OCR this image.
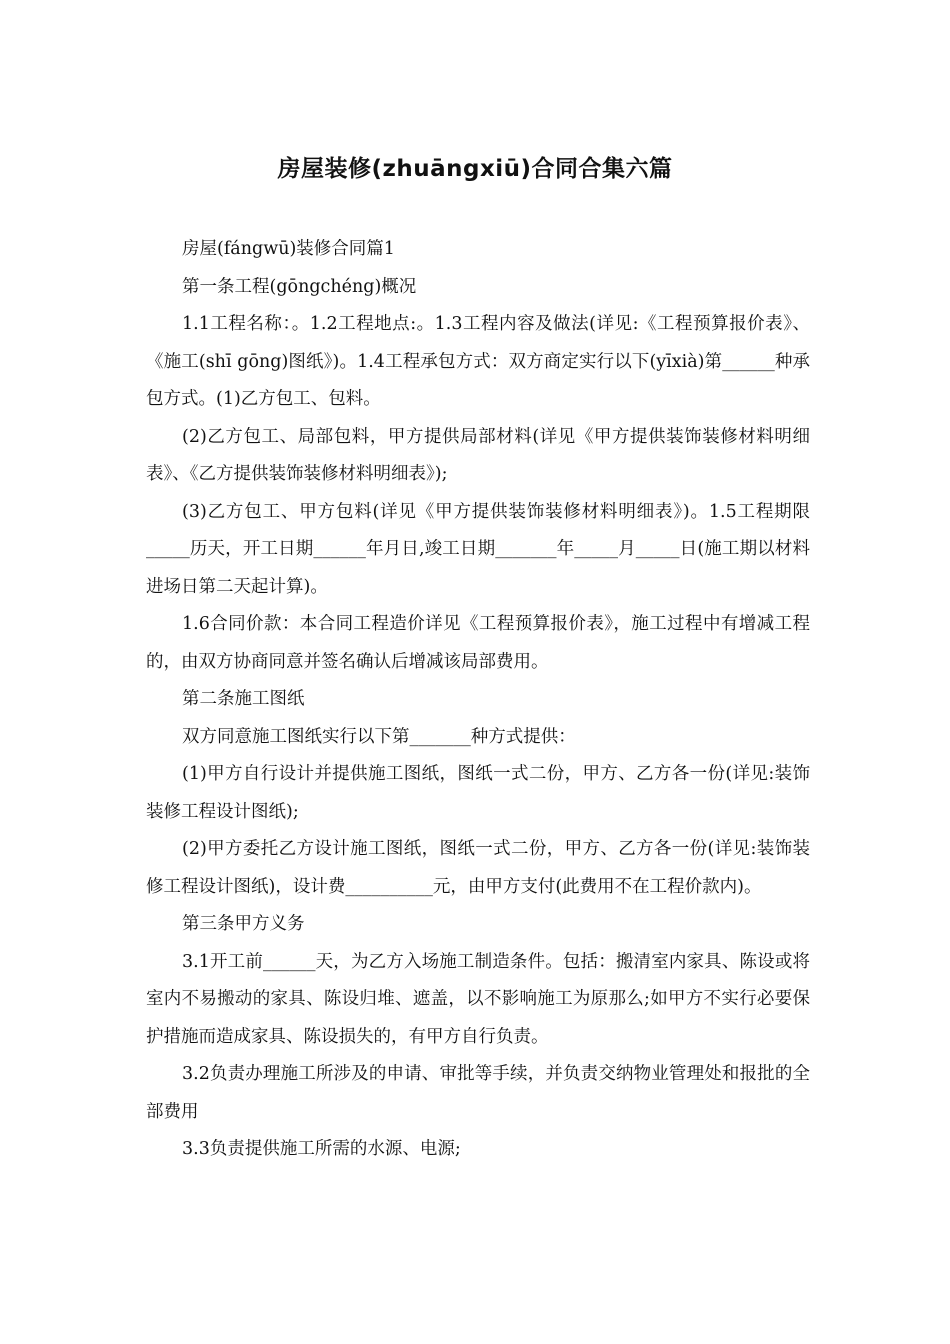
房屋装修(zhuāngxiū)合同合集六篇

房屋(fángwū)装修合同篇1

第一条工程(gōngchéng)概况

1.1工程名称：。1.2工程地点:。1.3工程内容及做法(详见:《工程预算报价表》、《施工(shī gōng)图纸》)。1.4工程承包方式：双方商定实行以下(yīxià)第______种承包方式。(1)乙方包工、包料。

(2)乙方包工、局部包料，甲方提供局部材料(详见《甲方提供装饰装修材料明细表》、《乙方提供装饰装修材料明细表》);

(3)乙方包工、甲方包料(详见《甲方提供装饰装修材料明细表》)。1.5工程期限_____历天，开工日期______年月日,竣工日期_______年_____月_____日(施工期以材料进场日第二天起计算)。

1.6合同价款：本合同工程造价详见《工程预算报价表》，施工过程中有增减工程的，由双方协商同意并签名确认后增减该局部费用。

第二条施工图纸

双方同意施工图纸实行以下第_______种方式提供：

(1)甲方自行设计并提供施工图纸，图纸一式二份，甲方、乙方各一份(详见:装饰装修工程设计图纸);

(2)甲方委托乙方设计施工图纸，图纸一式二份，甲方、乙方各一份(详见:装饰装修工程设计图纸)，设计费__________元，由甲方支付(此费用不在工程价款内)。

第三条甲方义务

3.1开工前______天，为乙方入场施工制造条件。包括：搬清室内家具、陈设或将室内不易搬动的家具、陈设归堆、遮盖，以不影响施工为原那么;如甲方不实行必要保护措施而造成家具、陈设损失的，有甲方自行负责。

3.2负责办理施工所涉及的申请、审批等手续，并负责交纳物业管理处和报批的全部费用

3.3负责提供施工所需的水源、电源;
